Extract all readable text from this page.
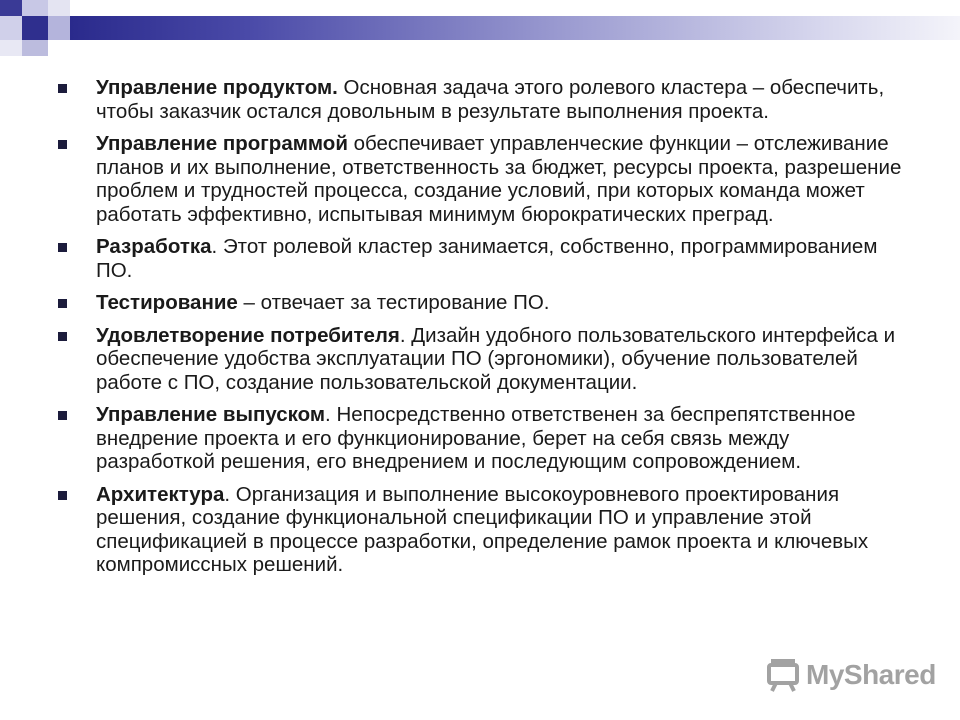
Управление продуктом. Основная задача этого ролевого кластера – обеспечить, чтобы заказчик остался довольным в результате выполнения проекта.
Управление программой обеспечивает управленческие функции – отслеживание планов и их выполнение, ответственность за бюджет, ресурсы проекта, разрешение проблем и трудностей процесса, создание условий, при которых команда может работать эффективно, испытывая минимум бюрократических преград.
Разработка. Этот ролевой кластер занимается, собственно, программированием ПО.
Тестирование – отвечает за тестирование ПО.
Удовлетворение потребителя. Дизайн удобного пользовательского интерфейса и обеспечение удобства эксплуатации ПО (эргономики), обучение пользователей работе с ПО, создание пользовательской документации.
Управление выпуском. Непосредственно ответственен за беспрепятственное внедрение проекта и его функционирование, берет на себя связь между разработкой решения, его внедрением и последующим сопровождением.
Архитектура. Организация и выполнение высокоуровневого проектирования решения, создание функциональной спецификации ПО и управление этой спецификацией в процессе разработки, определение рамок проекта и ключевых компромиссных решений.
MyShared
